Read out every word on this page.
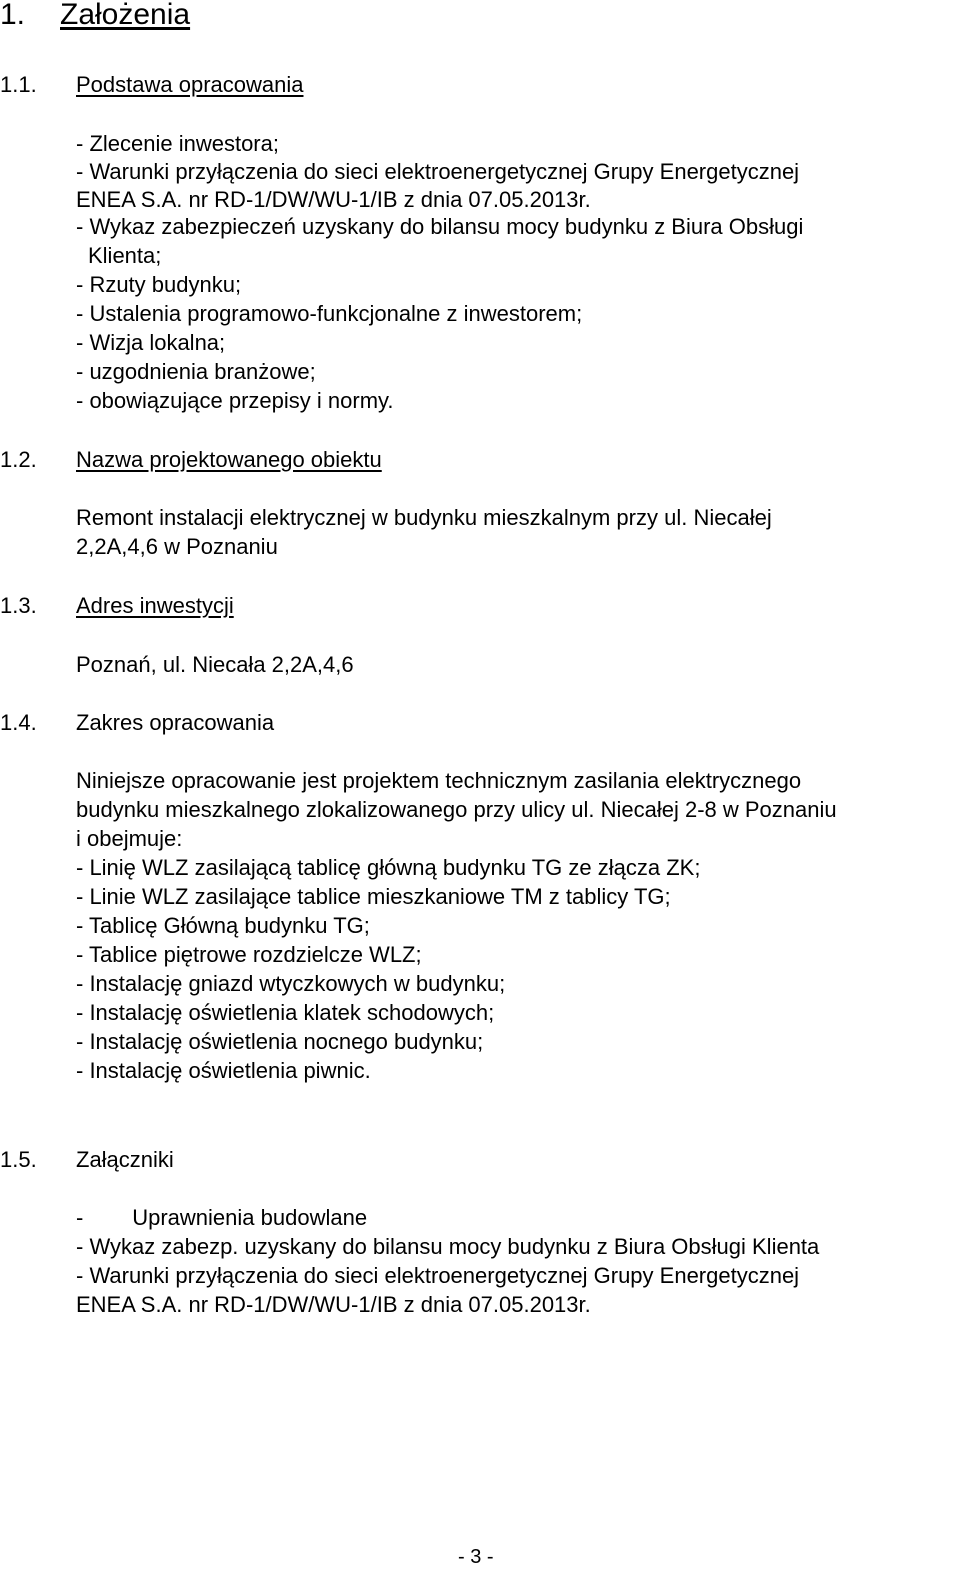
1. Założenia
1.1. Podstawa opracowania
- Zlecenie inwestora;
- Warunki przyłączenia do sieci elektroenergetycznej Grupy Energetycznej
ENEA S.A. nr RD-1/DW/WU-1/IB z dnia 07.05.2013r.
- Wykaz zabezpieczeń uzyskany do bilansu mocy budynku z Biura Obsługi
Klienta;
- Rzuty budynku;
- Ustalenia programowo-funkcjonalne z inwestorem;
- Wizja lokalna;
- uzgodnienia branżowe;
- obowiązujące przepisy i normy.
1.2. Nazwa projektowanego obiektu
Remont instalacji elektrycznej w budynku mieszkalnym przy ul. Niecałej
2,2A,4,6 w Poznaniu
1.3. Adres inwestycji
Poznań, ul. Niecała 2,2A,4,6
1.4. Zakres opracowania
Niniejsze opracowanie jest projektem technicznym zasilania elektrycznego
budynku mieszkalnego zlokalizowanego przy ulicy ul. Niecałej 2-8 w Poznaniu
i obejmuje:
- Linię WLZ zasilającą tablicę główną budynku TG ze złącza ZK;
- Linie WLZ zasilające tablice mieszkaniowe TM z tablicy TG;
- Tablicę Główną budynku TG;
- Tablice piętrowe rozdzielcze WLZ;
- Instalację gniazd wtyczkowych w budynku;
- Instalację oświetlenia klatek schodowych;
- Instalację oświetlenia nocnego budynku;
- Instalację oświetlenia piwnic.
1.5. Załączniki
-        Uprawnienia budowlane
- Wykaz zabezp. uzyskany do bilansu mocy budynku z Biura Obsługi Klienta
- Warunki przyłączenia do sieci elektroenergetycznej Grupy Energetycznej
ENEA S.A. nr RD-1/DW/WU-1/IB z dnia 07.05.2013r.
- 3 -
